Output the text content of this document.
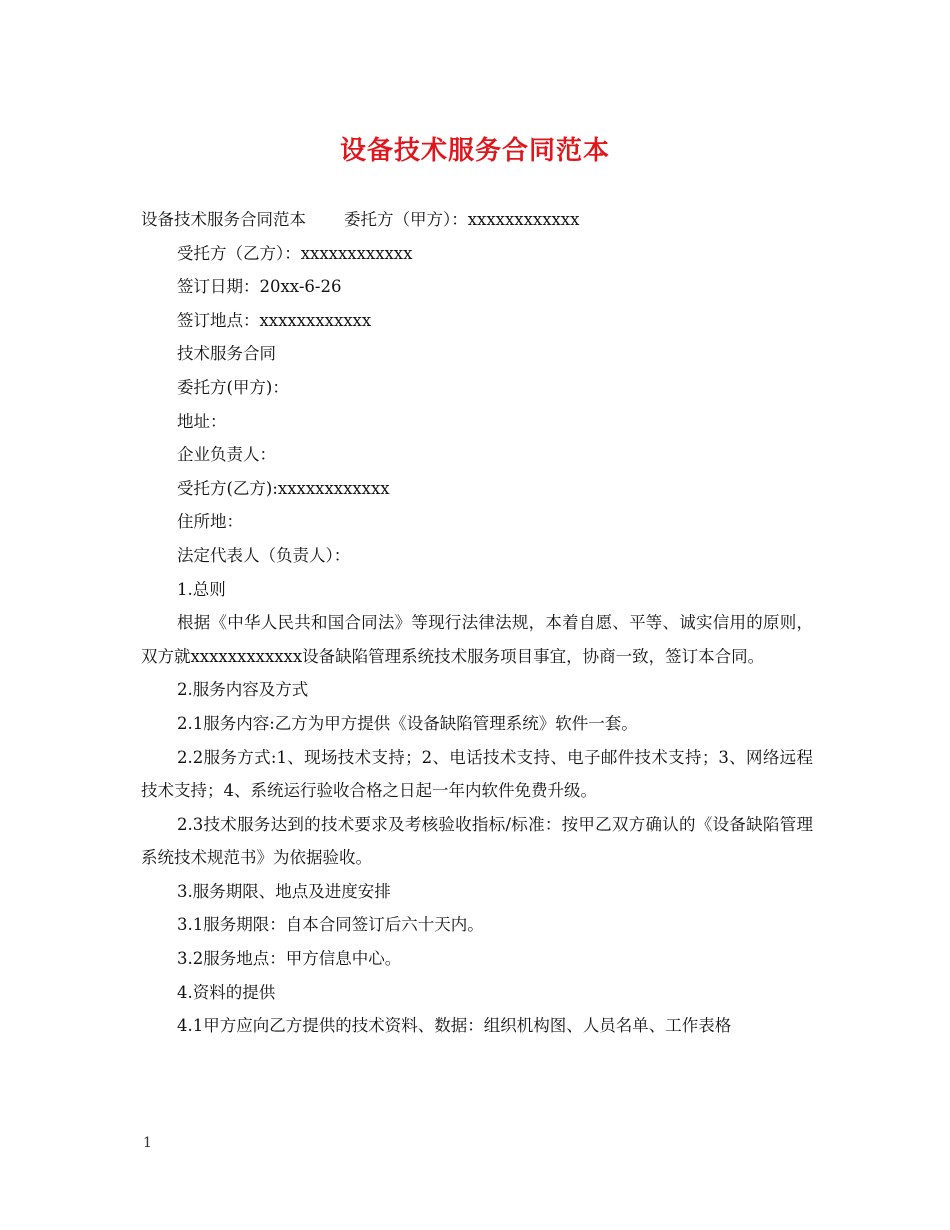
设备技术服务合同范本

设备技术服务合同范本 委托方（甲方）：xxxxxxxxxxxx

受托方（乙方）：xxxxxxxxxxxx

签订日期：20xx-6-26

签订地点：xxxxxxxxxxxx

技术服务合同

委托方(甲方)：

地址：

企业负责人：

受托方(乙方):xxxxxxxxxxxx

住所地：

法定代表人（负责人）：

1.总则

根据《中华人民共和国合同法》等现行法律法规，本着自愿、平等、诚实信用的原则，双方就xxxxxxxxxxxx设备缺陷管理系统技术服务项目事宜，协商一致，签订本合同。

2.服务内容及方式

2.1服务内容:乙方为甲方提供《设备缺陷管理系统》软件一套。

2.2服务方式:1、现场技术支持；2、电话技术支持、电子邮件技术支持；3、网络远程技术支持；4、系统运行验收合格之日起一年内软件免费升级。

2.3技术服务达到的技术要求及考核验收指标/标准：按甲乙双方确认的《设备缺陷管理系统技术规范书》为依据验收。

3.服务期限、地点及进度安排

3.1服务期限：自本合同签订后六十天内。

3.2服务地点：甲方信息中心。

4.资料的提供

4.1甲方应向乙方提供的技术资料、数据：组织机构图、人员名单、工作表格

1
